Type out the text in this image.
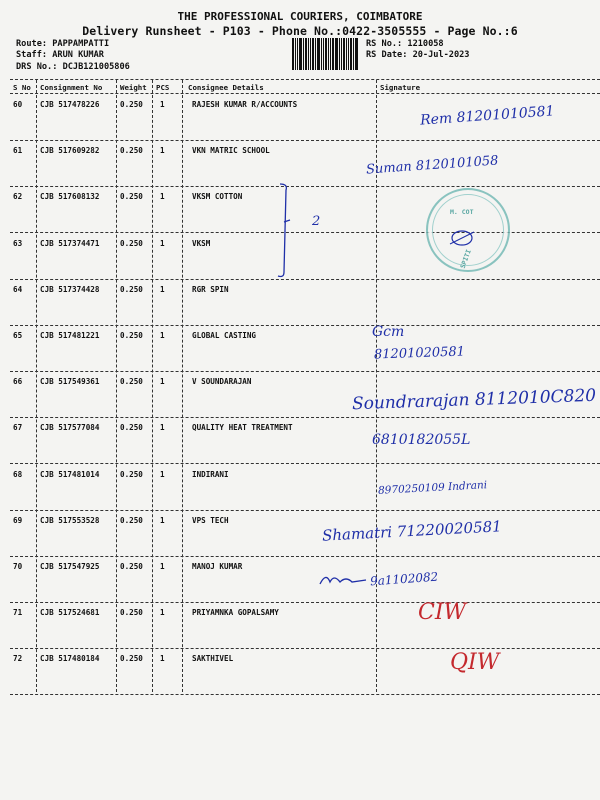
THE PROFESSIONAL COURIERS, COIMBATORE
Delivery Runsheet - P103 - Phone No.:0422-3505555 - Page No.:6
Route: PAPPAMPATTI
Staff: ARUN KUMAR
DRS No.: DCJB121005806
RS No.: 1210058
RS Date: 20-Jul-2023
S No Consignment No Weight PCS	Consignee Details	Signature
60 CJB 517478226	0.250 1	RAJESH KUMAR R/ACCOUNTS
61 CJB 517609282	0.250 1	VKN MATRIC SCHOOL
62 CJB 517608132	0.250 1	VKSM COTTON
63 CJB 517374471	0.250 1	VKSM
64 CJB 517374428	0.250 1	RGR SPIN
65 CJB 517481221	0.250 1	GLOBAL CASTING
66 CJB 517549361	0.250 1	V SOUNDARAJAN
67 CJB 517577084	0.250 1	QUALITY HEAT TREATMENT
68 CJB 517481014	0.250 1	INDIRANI
69 CJB 517553528	0.250 1	VPS TECH
70 CJB 517547925	0.250 1	MANOJ KUMAR
71 CJB 517524681	0.250 1	PRIYAMNKA GOPALSAMY
72 CJB 517480184	0.250 1	SAKTHIVEL
M. COT
SPITI
Rem 81201010581
Suman 8120101058
2
Gcm
81201020581
Soundrarajan 8112010C820
6810182055L
8970250109 Indrani
Shamatri 71220020581
9a1102082
CIW
QIW
